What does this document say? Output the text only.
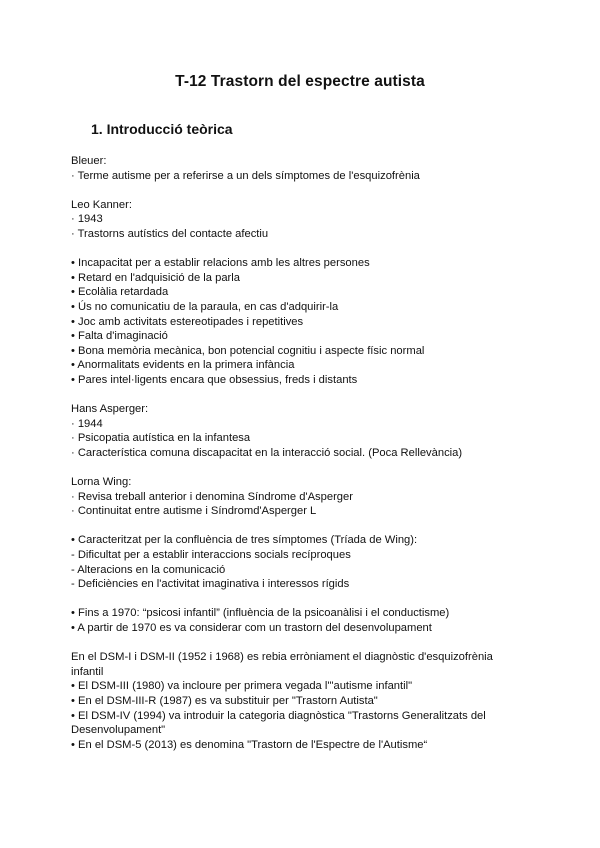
T-12 Trastorn del espectre autista
1. Introducció teòrica

Bleuer:

· Terme autisme per a referirse a un dels símptomes de l'esquizofrènia

Leo Kanner:

· 1943

· Trastorns autístics del contacte afectiu

• Incapacitat per a establir relacions amb les altres persones

• Retard en l'adquisició de la parla

• Ecolàlia retardada

• Ús no comunicatiu de la paraula, en cas d'adquirir-la

• Joc amb activitats estereotipades i repetitives

• Falta d'imaginació

• Bona memòria mecànica, bon potencial cognitiu i aspecte físic normal

• Anormalitats evidents en la primera infància

• Pares intel·ligents encara que obsessius, freds i distants

Hans Asperger:

· 1944

· Psicopatia autística en la infantesa

· Característica comuna discapacitat en la interacció social. (Poca Rellevància)

Lorna Wing:

· Revisa treball anterior i denomina Síndrome d'Asperger

· Continuitat entre autisme i Síndromd'Asperger L

• Caracteritzat per la confluència de tres símptomes (Tríada de Wing):

- Dificultat per a establir interaccions socials recíproques

- Alteracions en la comunicació

- Deficiències en l'activitat imaginativa i interessos rígids

• Fins a 1970: “psicosi infantil” (influència de la psicoanàlisi i el conductisme)

• A partir de 1970 es va considerar com un trastorn del desenvolupament

En el DSM-I i DSM-II (1952 i 1968) es rebia erròniament el diagnòstic d'esquizofrènia

infantil

• El DSM-III (1980) va incloure per primera vegada l'"autisme infantil"

• En el DSM-III-R (1987) es va substituir per "Trastorn Autista"

• El DSM-IV (1994) va introduir la categoria diagnòstica "Trastorns Generalitzats del

Desenvolupament"

• En el DSM-5 (2013) es denomina "Trastorn de l'Espectre de l'Autisme“
